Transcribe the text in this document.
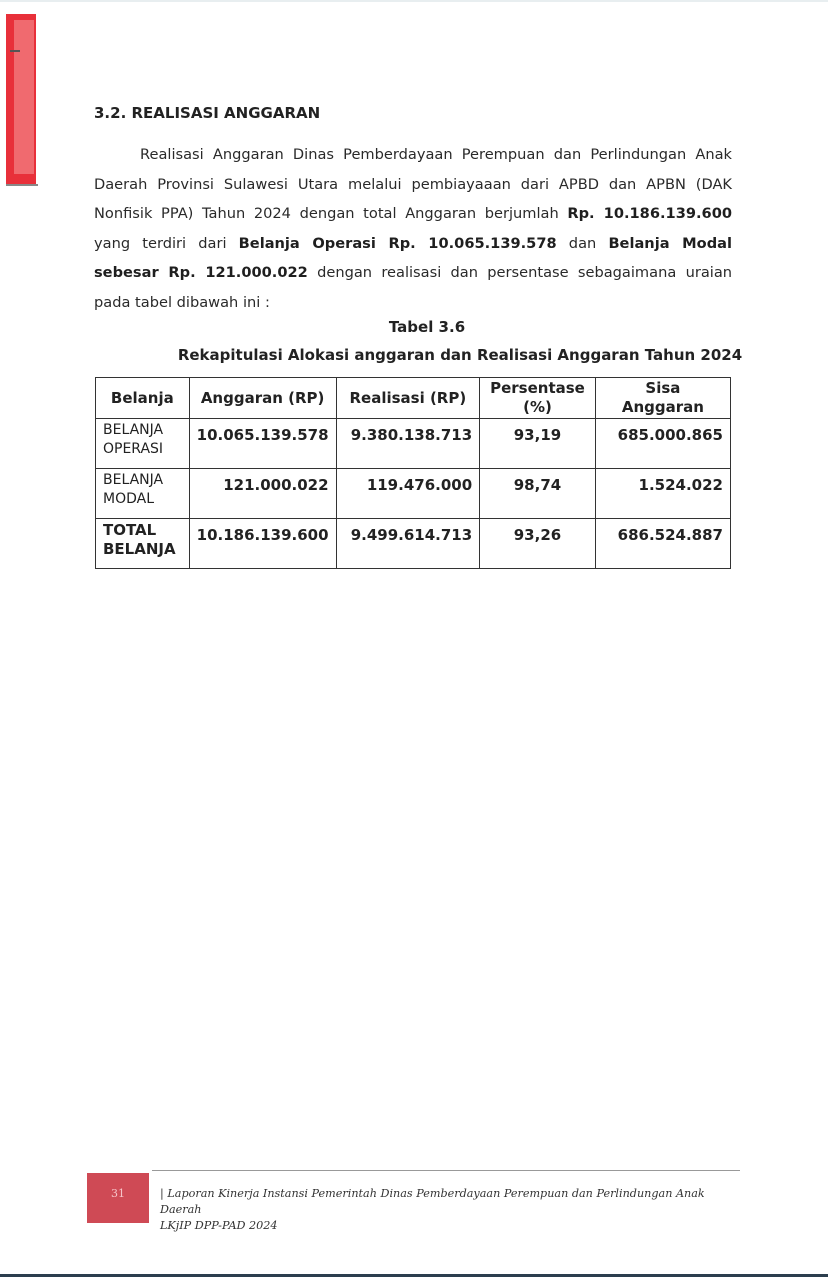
3.2. REALISASI ANGGARAN
Realisasi Anggaran Dinas Pemberdayaan Perempuan dan Perlindungan Anak Daerah Provinsi Sulawesi Utara melalui pembiayaaan dari APBD dan APBN (DAK Nonfisik PPA) Tahun 2024 dengan total Anggaran berjumlah Rp. 10.186.139.600 yang terdiri dari Belanja Operasi Rp. 10.065.139.578 dan Belanja Modal sebesar Rp. 121.000.022 dengan realisasi dan persentase sebagaimana uraian pada tabel dibawah ini :
Tabel 3.6
Rekapitulasi Alokasi anggaran dan Realisasi Anggaran Tahun 2024
Belanja	Anggaran (RP)	Realisasi (RP)	Persentase (%)	Sisa Anggaran
BELANJA OPERASI	10.065.139.578	9.380.138.713	93,19	685.000.865
BELANJA MODAL	121.000.022	119.476.000	98,74	1.524.022
TOTAL BELANJA	10.186.139.600	9.499.614.713	93,26	686.524.887
31	| Laporan Kinerja Instansi Pemerintah Dinas Pemberdayaan Perempuan dan Perlindungan Anak Daerah
LKjIP DPP-PAD 2024
